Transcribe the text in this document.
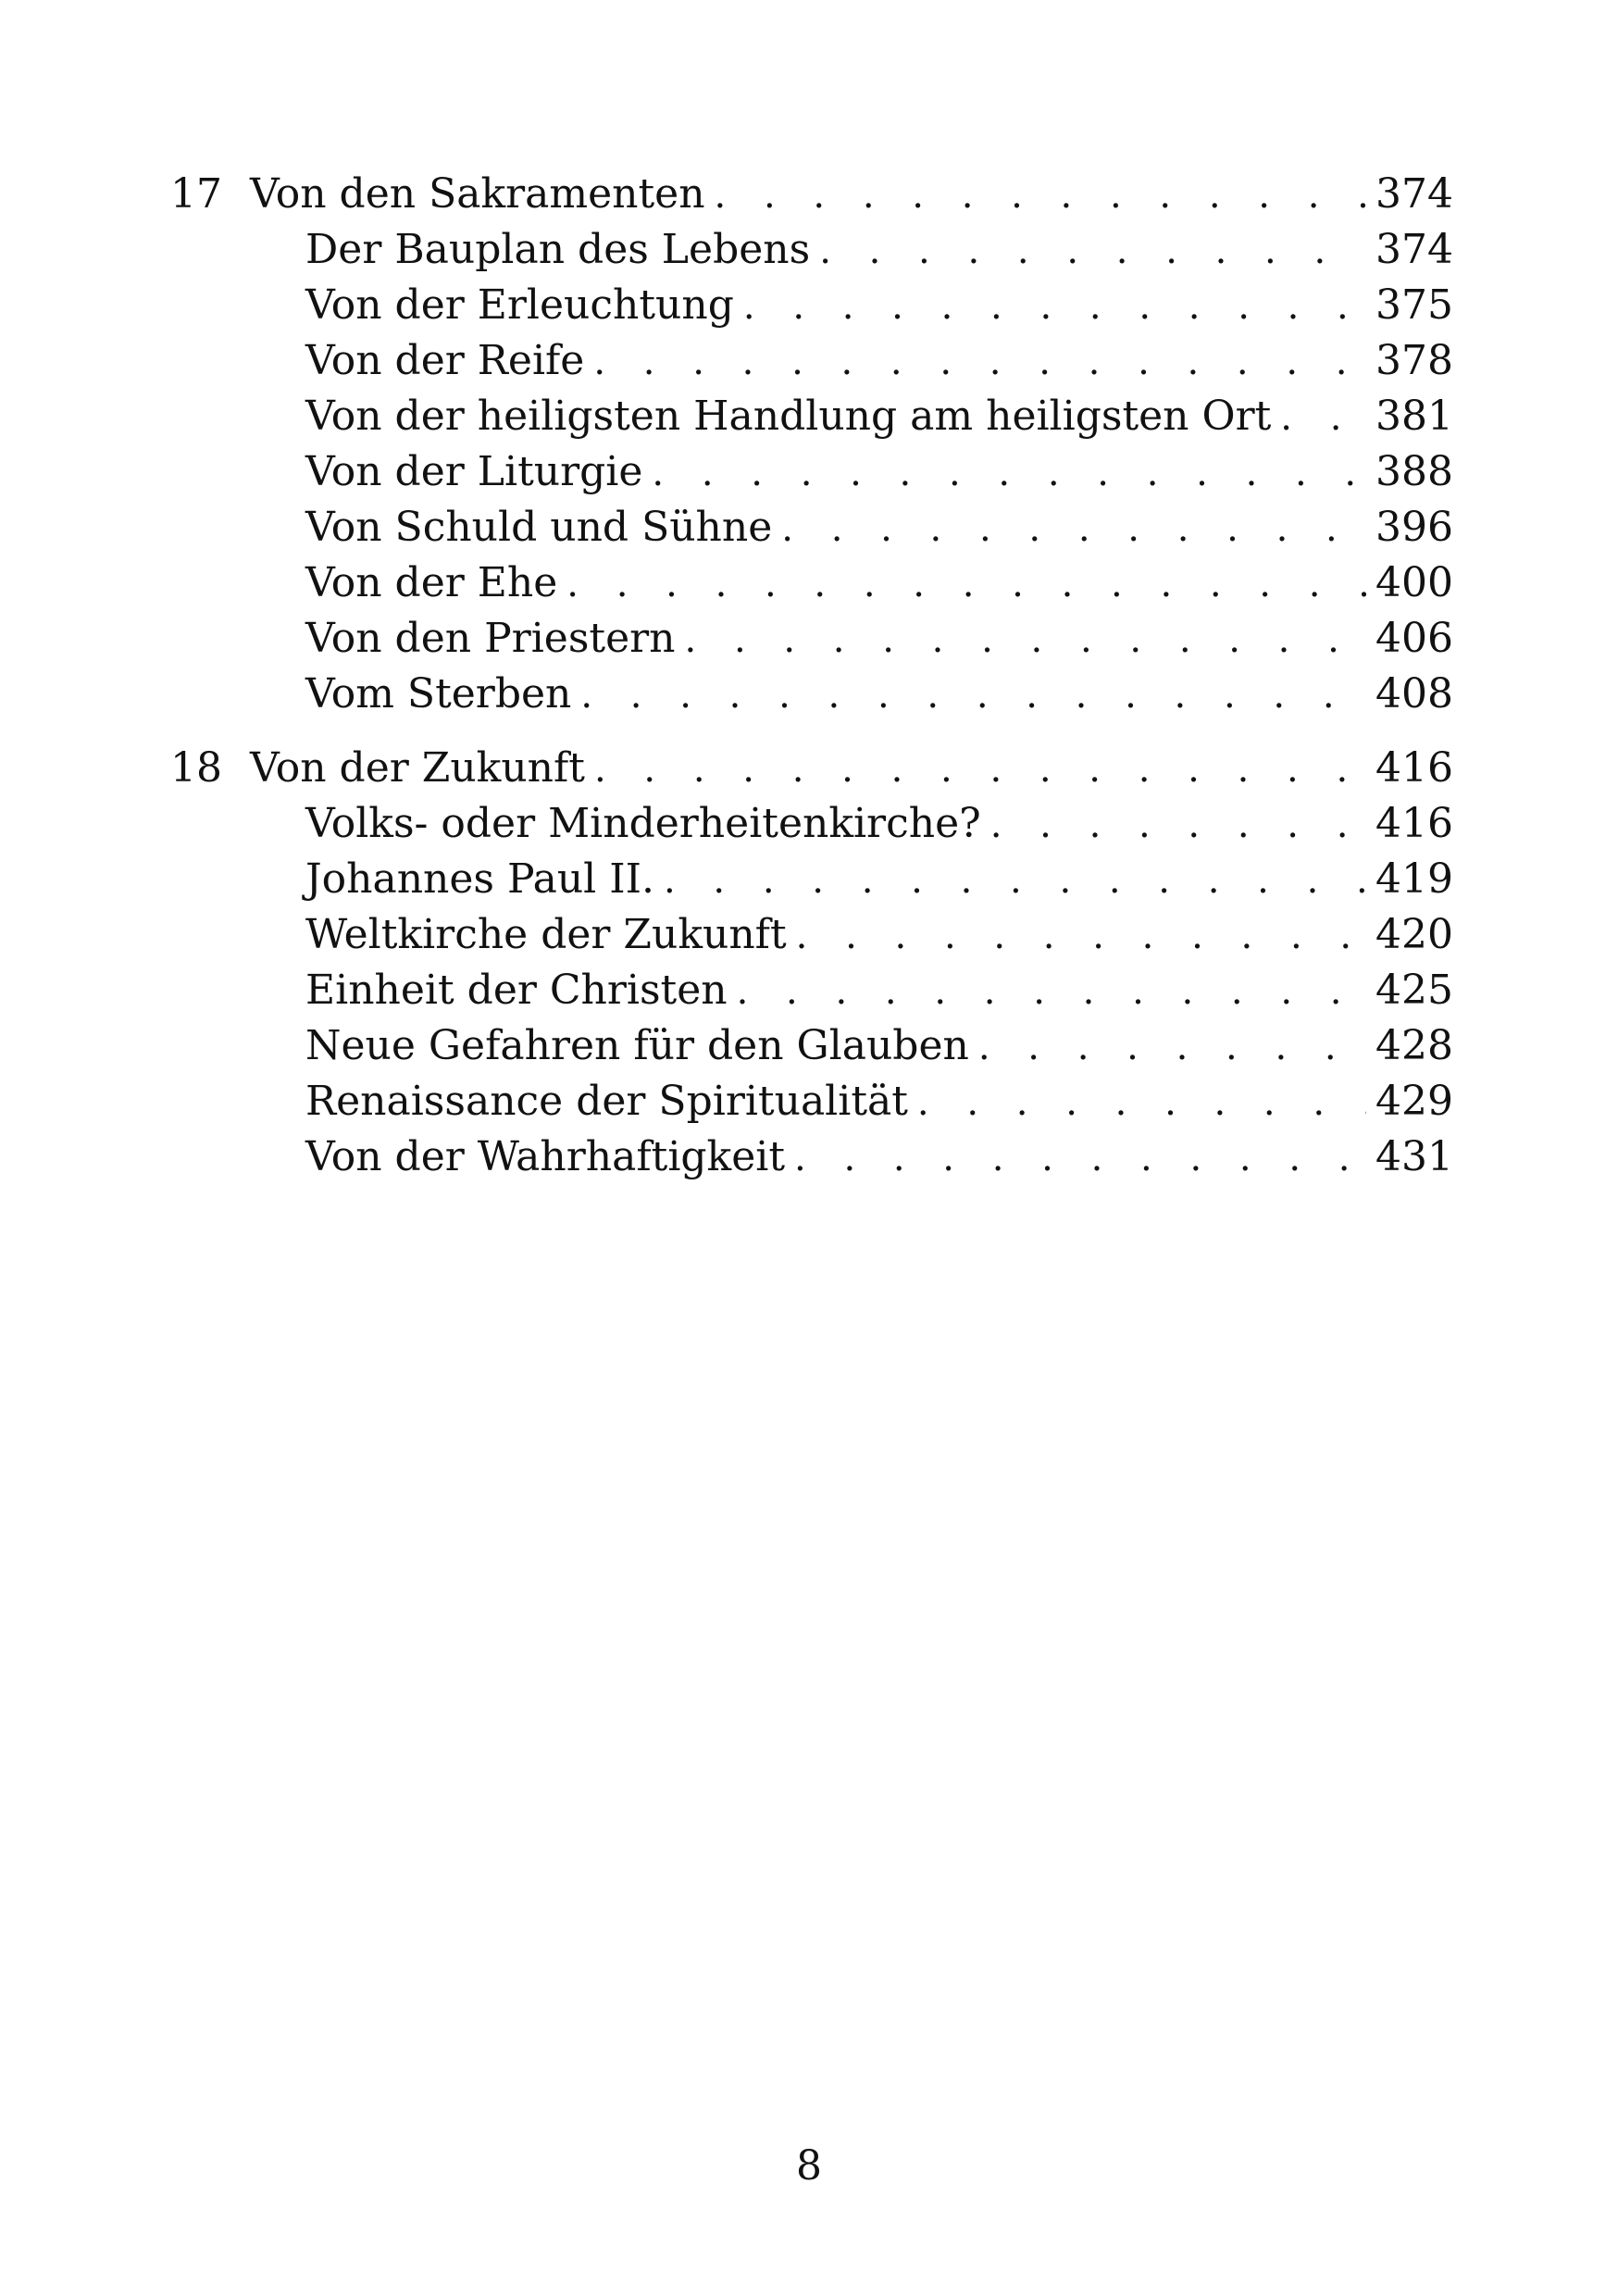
17 Von den Sakramenten . . .	374
Der Bauplan des Lebens . . .	374
Von der Erleuchtung . . .	375
Von der Reife . . .	378
Von der heiligsten Handlung am heiligsten Ort . . .	381
Von der Liturgie . . .	388
Von Schuld und Sühne . . .	396
Von der Ehe . . .	400
Von den Priestern . . .	406
Vom Sterben . . .	408
18 Von der Zukunft . . .	416
Volks- oder Minderheitenkirche? . . .	416
Johannes Paul II. . . .	419
Weltkirche der Zukunft . . .	420
Einheit der Christen . . .	425
Neue Gefahren für den Glauben . . .	428
Renaissance der Spiritualität . . .	429
Von der Wahrhaftigkeit . . .	431
8
